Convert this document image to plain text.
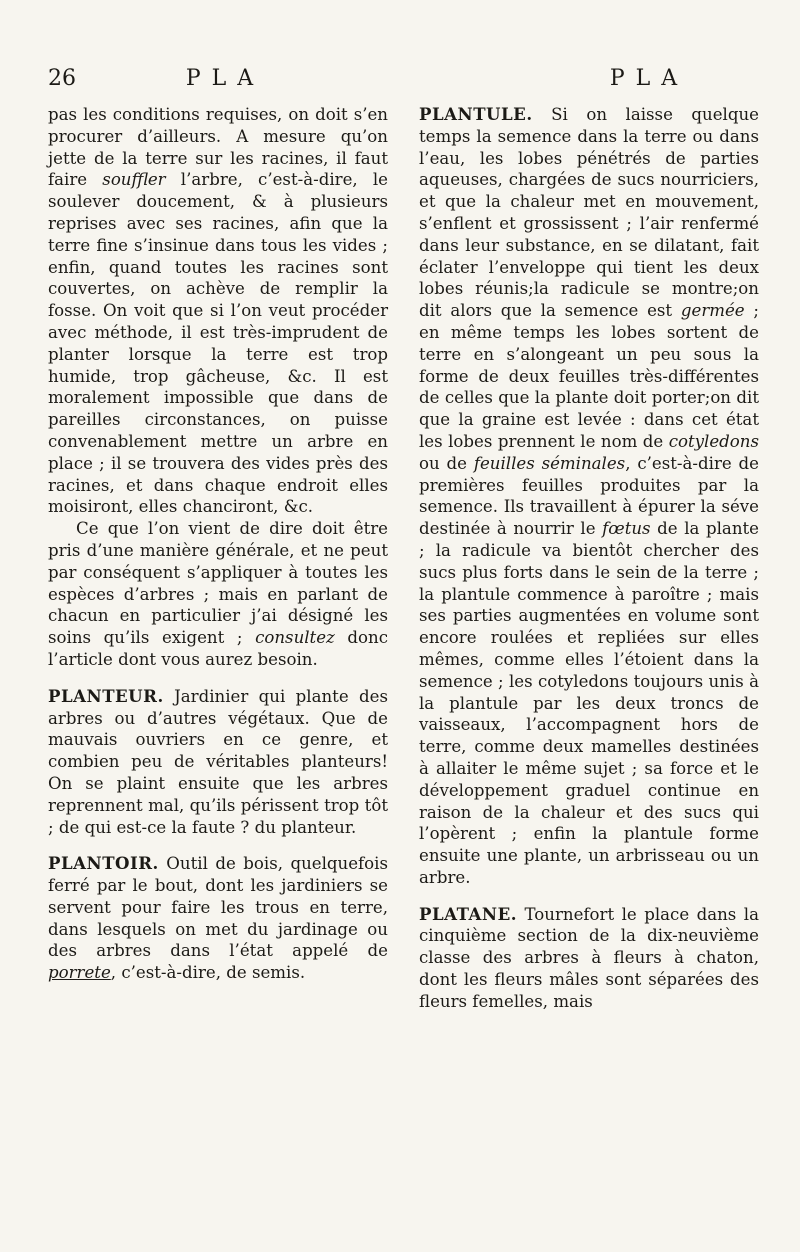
26	PLA	PLA

pas les conditions requises, on doit s’en procurer d’ailleurs. A mesure qu’on jette de la terre sur les racines, il faut faire souffler l’arbre, c’est-à-dire, le soulever doucement, & à plusieurs reprises avec ses racines, afin que la terre fine s’insinue dans tous les vides ; enfin, quand toutes les racines sont couvertes, on achève de remplir la fosse. On voit que si l’on veut procéder avec méthode, il est très-imprudent de planter lorsque la terre est trop humide, trop gâcheuse, &c. Il est moralement impossible que dans de pareilles circonstances, on puisse convenablement mettre un arbre en place ; il se trouvera des vides près des racines, et dans chaque endroit elles moisiront, elles chanciront, &c.

Ce que l’on vient de dire doit être pris d’une manière générale, et ne peut par conséquent s’appliquer à toutes les espèces d’arbres ; mais en parlant de chacun en particulier j’ai désigné les soins qu’ils exigent ; consultez donc l’article dont vous aurez besoin.

PLANTEUR. Jardinier qui plante des arbres ou d’autres végétaux. Que de mauvais ouvriers en ce genre, et combien peu de véritables planteurs! On se plaint ensuite que les arbres reprennent mal, qu’ils périssent trop tôt ; de qui est-ce la faute ? du planteur.

PLANTOIR. Outil de bois, quelquefois ferré par le bout, dont les jardiniers se servent pour faire les trous en terre, dans lesquels on met du jardinage ou des arbres dans l’état appelé de porrete, c’est-à-dire, de semis.

PLANTULE. Si on laisse quelque temps la semence dans la terre ou dans l’eau, les lobes pénétrés de parties aqueuses, chargées de sucs nourriciers, et que la chaleur met en mouvement, s’enflent et grossissent ; l’air renfermé dans leur substance, en se dilatant, fait éclater l’enveloppe qui tient les deux lobes réunis;la radicule se montre;on dit alors que la semence est germée ; en même temps les lobes sortent de terre en s’alongeant un peu sous la forme de deux feuilles très-différentes de celles que la plante doit porter;on dit que la graine est levée : dans cet état les lobes prennent le nom de cotyledons ou de feuilles séminales, c’est-à-dire de premières feuilles produites par la semence. Ils travaillent à épurer la séve destinée à nourrir le fœtus de la plante ; la radicule va bientôt chercher des sucs plus forts dans le sein de la terre ; la plantule commence à paroître ; mais ses parties augmentées en volume sont encore roulées et repliées sur elles mêmes, comme elles l’étoient dans la semence ; les cotyledons toujours unis à la plantule par les deux troncs de vaisseaux, l’accompagnent hors de terre, comme deux mamelles destinées à allaiter le même sujet ; sa force et le développement graduel continue en raison de la chaleur et des sucs qui l’opèrent ; enfin la plantule forme ensuite une plante, un arbrisseau ou un arbre.

PLATANE. Tournefort le place dans la cinquième section de la dix-neuvième classe des arbres à fleurs à chaton, dont les fleurs mâles sont séparées des fleurs femelles, mais
